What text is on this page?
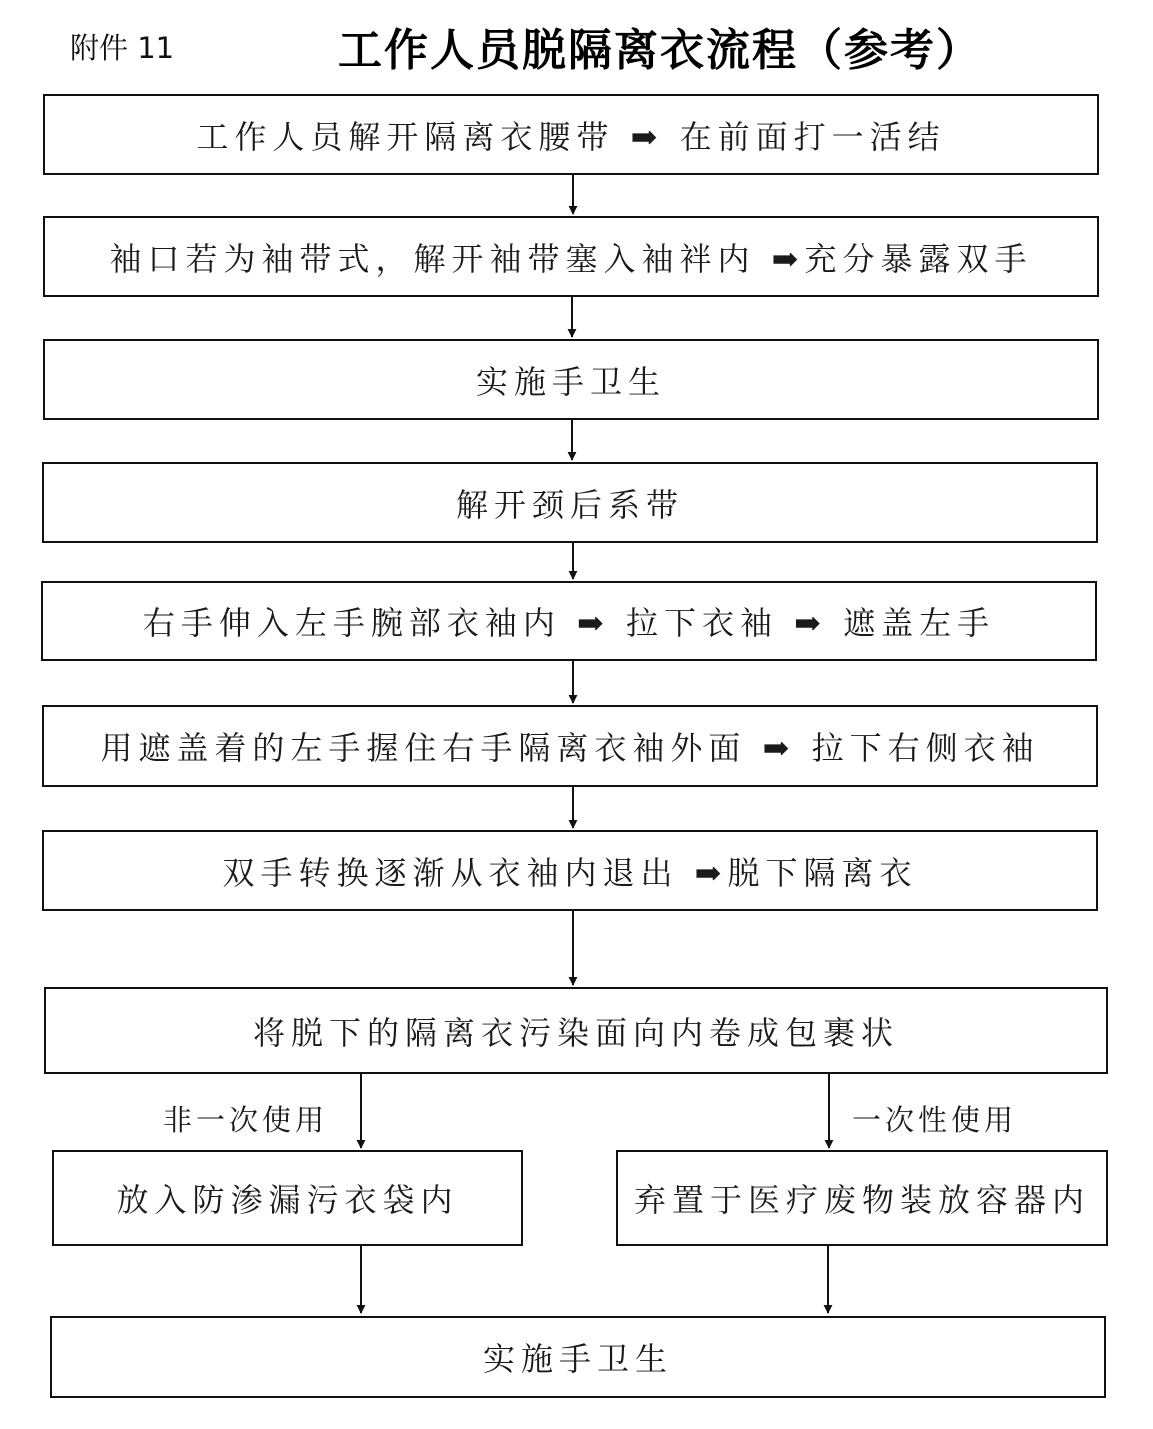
附件 11	工作人员脱隔离衣流程（参考）
工作人员解开隔离衣腰带 ➡ 在前面打一活结
袖口若为袖带式，解开袖带塞入袖袢内 ➡充分暴露双手
实施手卫生
解开颈后系带
右手伸入左手腕部衣袖内 ➡ 拉下衣袖 ➡ 遮盖左手
用遮盖着的左手握住右手隔离衣袖外面 ➡ 拉下右侧衣袖
双手转换逐渐从衣袖内退出 ➡脱下隔离衣
将脱下的隔离衣污染面向内卷成包裹状
非一次使用	一次性使用
放入防渗漏污衣袋内	弃置于医疗废物装放容器内
实施手卫生
